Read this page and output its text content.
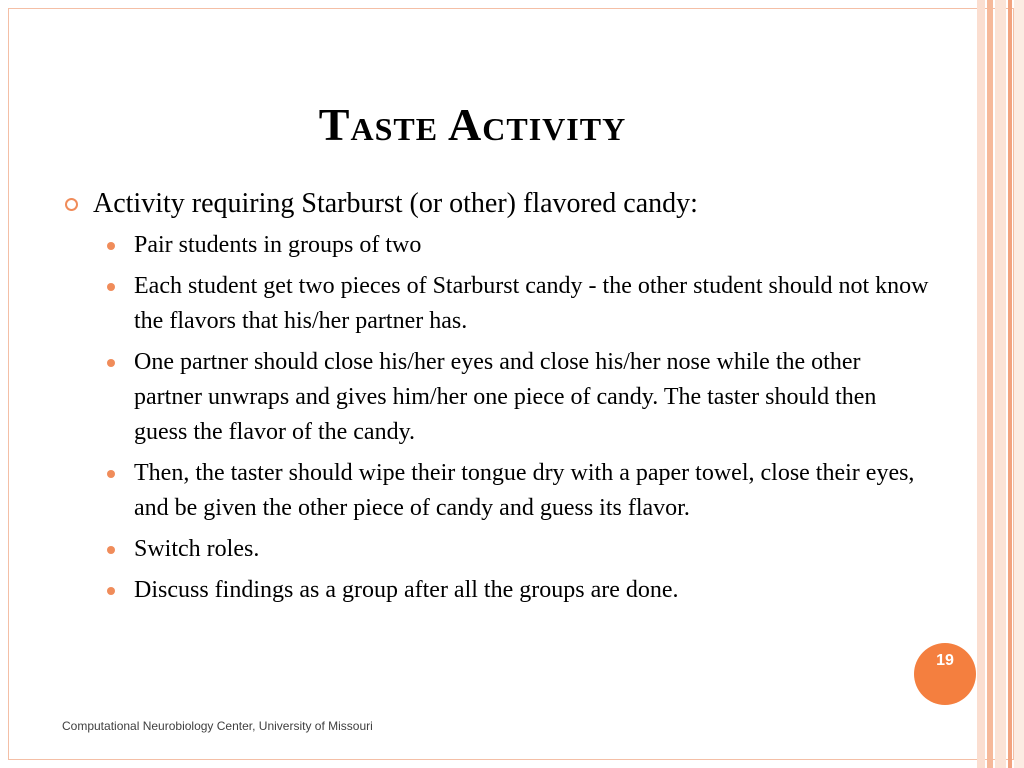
Taste Activity
Activity requiring Starburst (or other) flavored candy:
Pair students in groups of two
Each student get two pieces of Starburst candy - the other student should not know the flavors that his/her partner has.
One partner should close his/her eyes and close his/her nose while the other partner unwraps and gives him/her one piece of candy. The taster should then guess the flavor of the candy.
Then, the taster should wipe their tongue dry with a paper towel, close their eyes, and be given the other piece of candy and guess its flavor.
Switch roles.
Discuss findings as a group after all the groups are done.
19
Computational Neurobiology Center, University of Missouri
